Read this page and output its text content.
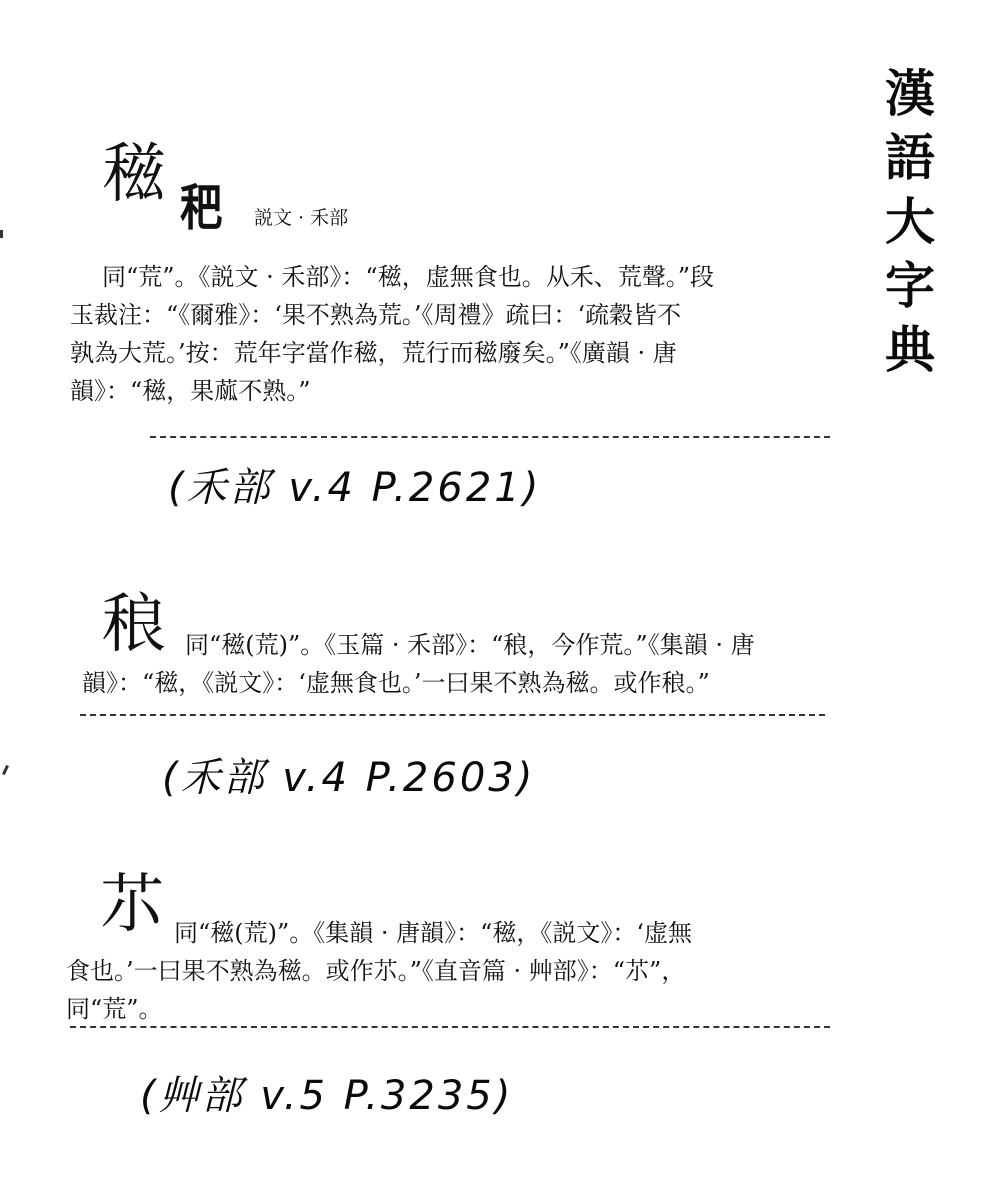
漢
語
大
字
典
稵 𥝧 説文 · 禾部
同“荒”。《説文 · 禾部》：“稵，虚無食也。从禾、荒聲。”段
玉裁注：“《爾雅》：‘果不熟為荒。’《周禮》疏曰：‘疏穀皆不
孰為大荒。’按：荒年字當作稵，荒行而稵廢矣。”《廣韻 · 唐
韻》：“稵，果蓏不熟。”
(禾部 v.4 P.2621)
稂 同“稵(荒)”。《玉篇 · 禾部》：“稂，今作荒。”《集韻 · 唐
韻》：“稵，《説文》：‘虚無食也。’一曰果不熟為稵。或作稂。”
(禾部 v.4 P.2603)
䒕 同“稵(荒)”。《集韻 · 唐韻》：“稵，《説文》：‘虚無
食也。’一曰果不熟為稵。或作䒕。”《直音篇 · 艸部》：“䒕”，
同“荒”。
(艸部 v.5 P.3235)
